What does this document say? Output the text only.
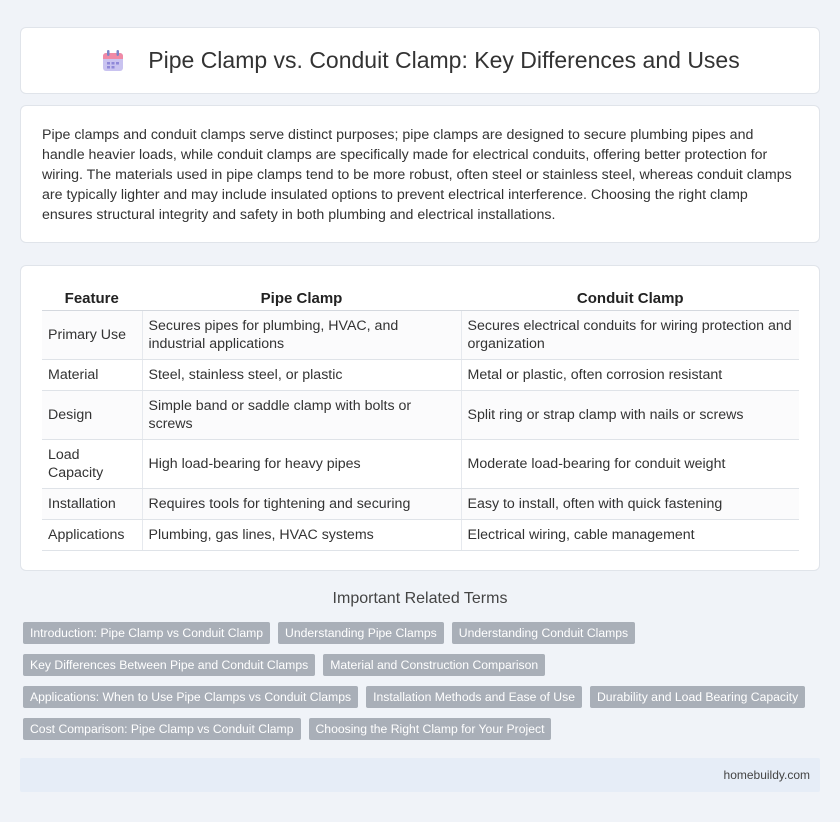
Pipe Clamp vs. Conduit Clamp: Key Differences and Uses

Pipe clamps and conduit clamps serve distinct purposes; pipe clamps are designed to secure plumbing pipes and handle heavier loads, while conduit clamps are specifically made for electrical conduits, offering better protection for wiring. The materials used in pipe clamps tend to be more robust, often steel or stainless steel, whereas conduit clamps are typically lighter and may include insulated options to prevent electrical interference. Choosing the right clamp ensures structural integrity and safety in both plumbing and electrical installations.

Feature	Pipe Clamp	Conduit Clamp
Primary Use	Secures pipes for plumbing, HVAC, and industrial applications	Secures electrical conduits for wiring protection and organization
Material	Steel, stainless steel, or plastic	Metal or plastic, often corrosion resistant
Design	Simple band or saddle clamp with bolts or screws	Split ring or strap clamp with nails or screws
Load Capacity	High load-bearing for heavy pipes	Moderate load-bearing for conduit weight
Installation	Requires tools for tightening and securing	Easy to install, often with quick fastening
Applications	Plumbing, gas lines, HVAC systems	Electrical wiring, cable management
Important Related Terms
Introduction: Pipe Clamp vs Conduit Clamp	Understanding Pipe Clamps	Understanding Conduit Clamps
Key Differences Between Pipe and Conduit Clamps	Material and Construction Comparison
Applications: When to Use Pipe Clamps vs Conduit Clamps	Installation Methods and Ease of Use	Durability and Load Bearing Capacity
Cost Comparison: Pipe Clamp vs Conduit Clamp	Choosing the Right Clamp for Your Project
homebuildy.com
